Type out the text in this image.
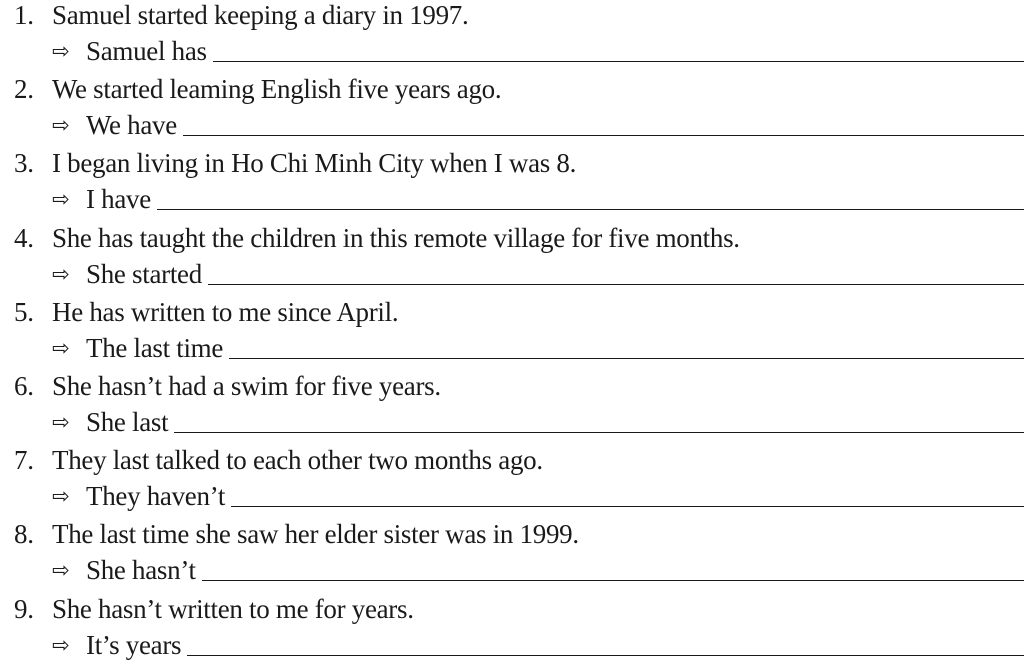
1. Samuel started keeping a diary in 1997.
⇨ Samuel has
2. We started leaming English five years ago.
⇨ We have
3. I began living in Ho Chi Minh City when I was 8.
⇨ I have
4. She has taught the children in this remote village for five months.
⇨ She started
5. He has written to me since April.
⇨ The last time
6. She hasn’t had a swim for five years.
⇨ She last
7. They last talked to each other two months ago.
⇨ They haven’t
8. The last time she saw her elder sister was in 1999.
⇨ She hasn’t
9. She hasn’t written to me for years.
⇨ It’s years
